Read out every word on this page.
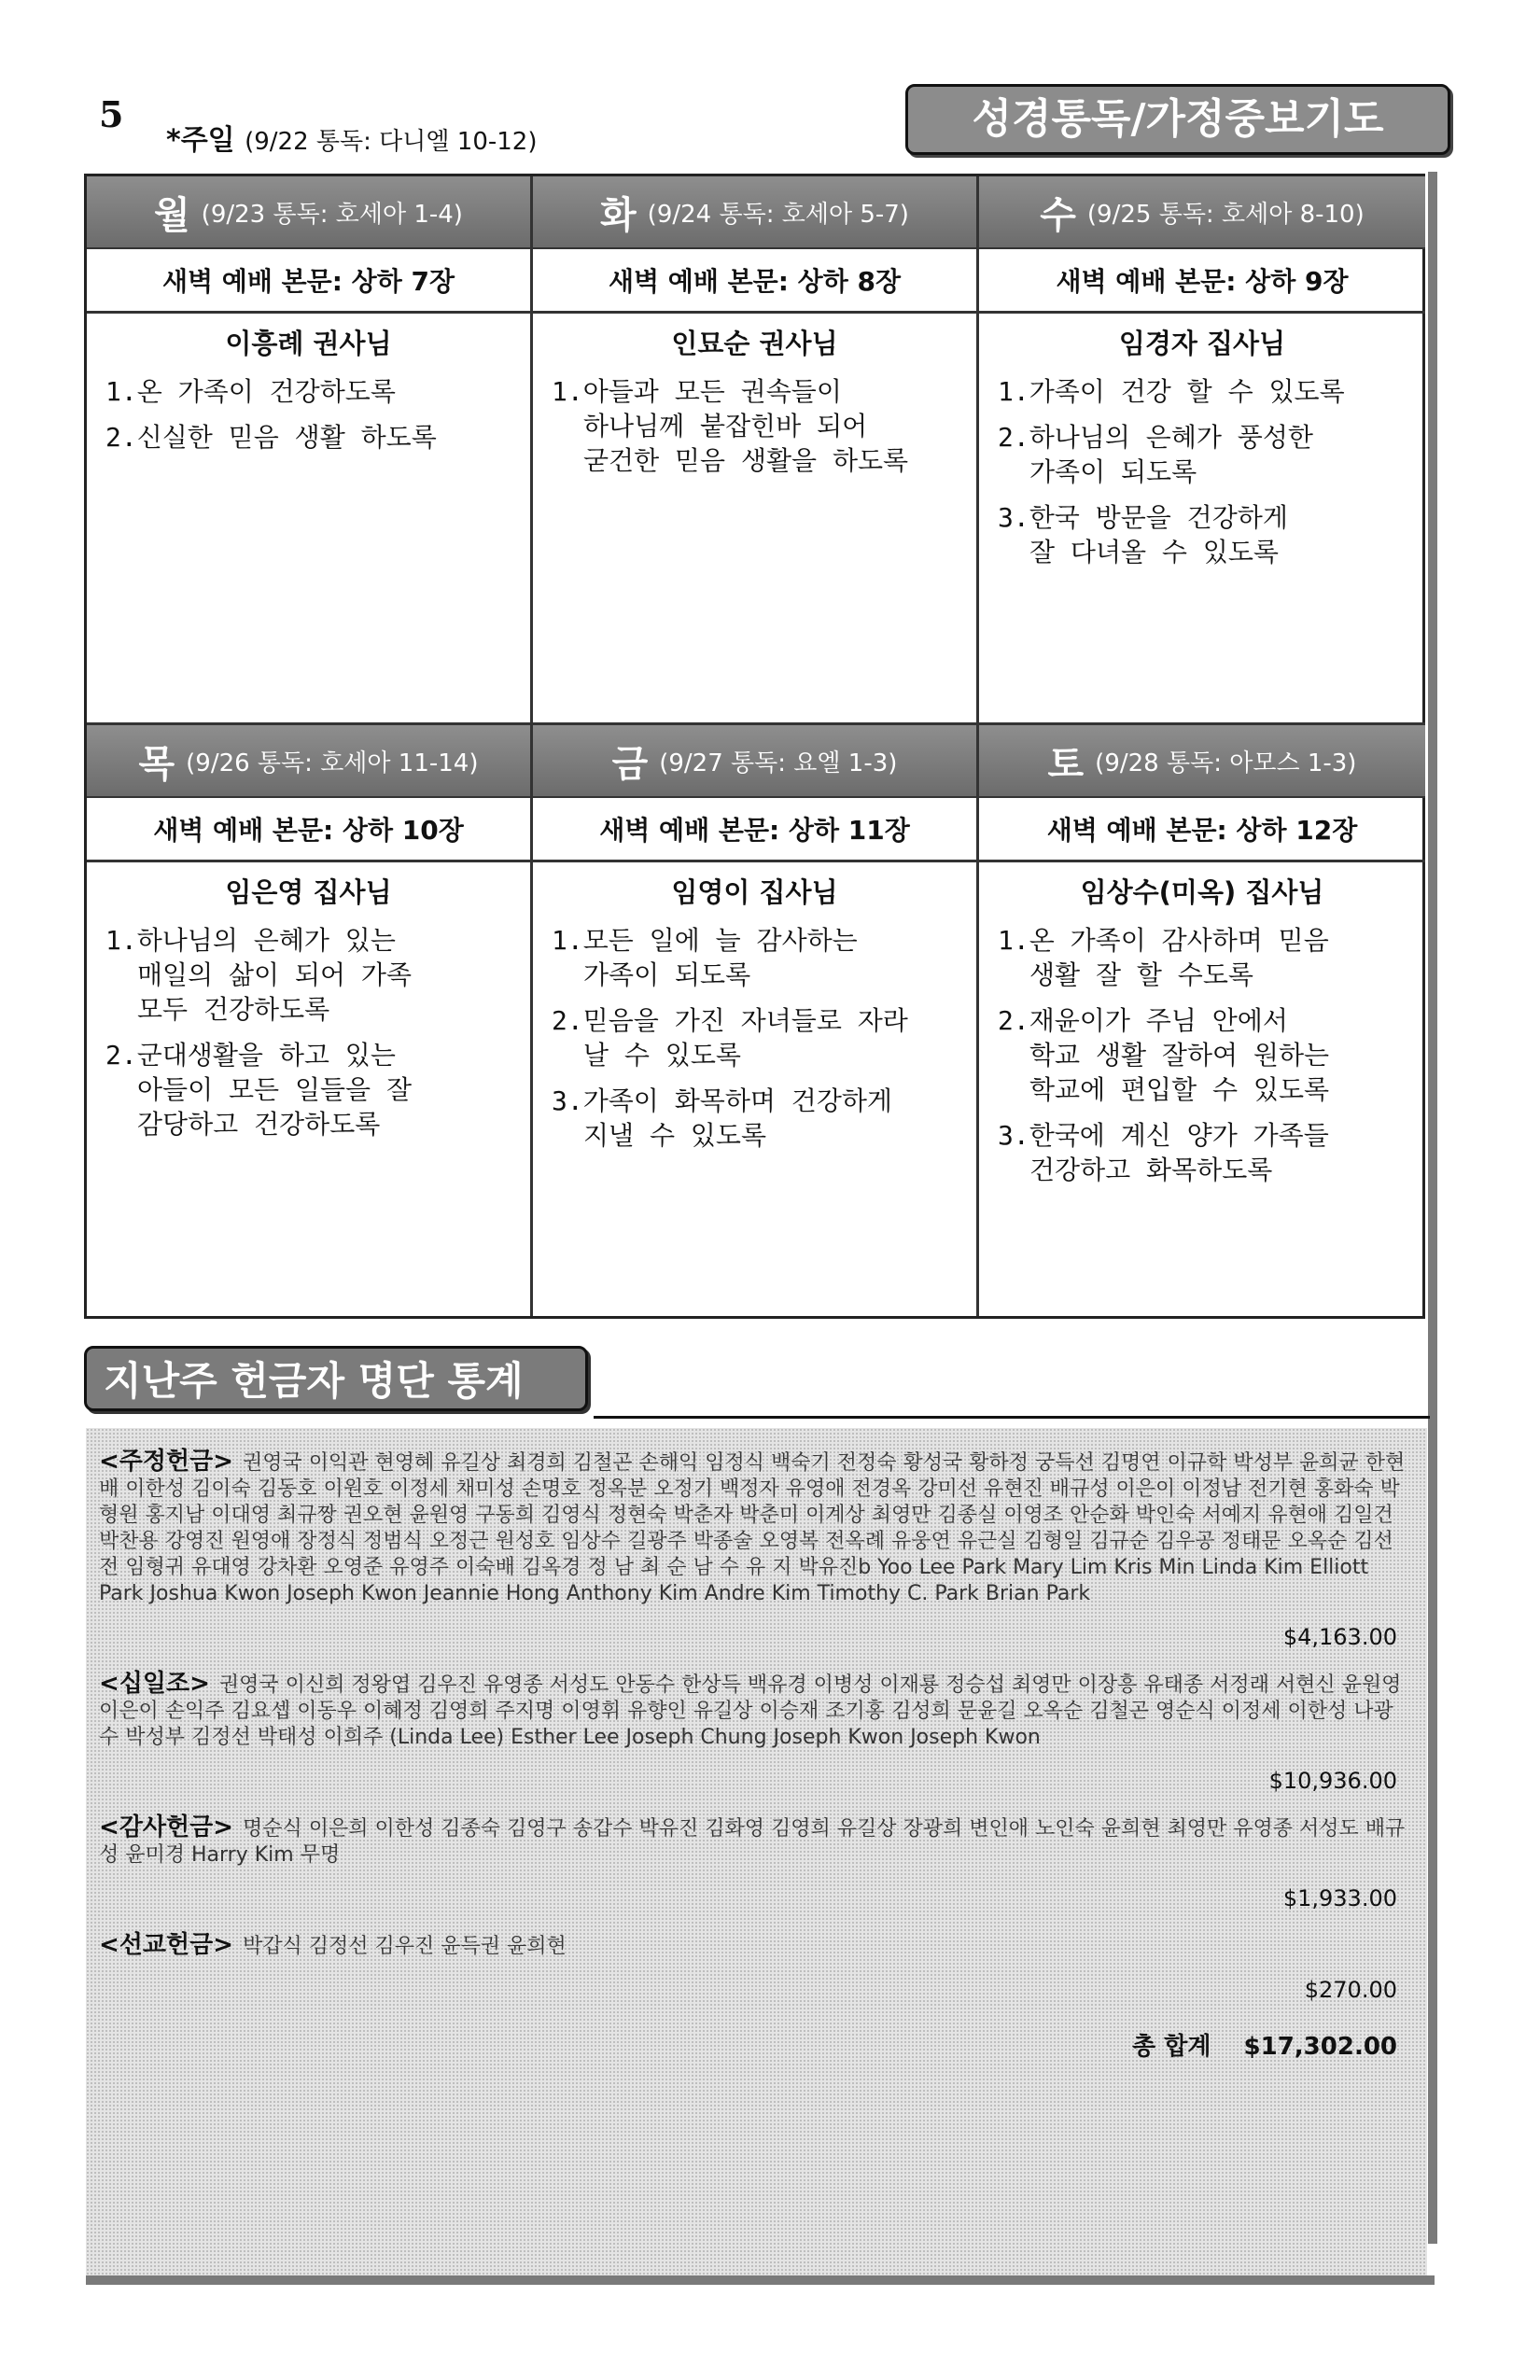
5
*주일 (9/22 통독: 다니엘 10-12)	성경통독/가정중보기도
월 (9/23 통독: 호세아 1-4)
새벽 예배 본문: 상하 7장
이흥례 권사님
1.온 가족이 건강하도록
2.신실한 믿음 생활 하도록
화 (9/24 통독: 호세아 5-7)
새벽 예배 본문: 상하 8장
인묘순 권사님
1.아들과 모든 권속들이
하나님께 붙잡힌바 되어
굳건한 믿음 생활을 하도록
수 (9/25 통독: 호세아 8-10)
새벽 예배 본문: 상하 9장
임경자 집사님
1.가족이 건강 할 수 있도록
2.하나님의 은혜가 풍성한
가족이 되도록
3.한국 방문을 건강하게
잘 다녀올 수 있도록
목 (9/26 통독: 호세아 11-14)
새벽 예배 본문: 상하 10장
임은영 집사님
1.하나님의 은혜가 있는
매일의 삶이 되어 가족
모두 건강하도록
2.군대생활을 하고 있는
아들이 모든 일들을 잘
감당하고 건강하도록
금 (9/27 통독: 요엘 1-3)
새벽 예배 본문: 상하 11장
임영이 집사님
1.모든 일에 늘 감사하는
가족이 되도록
2.믿음을 가진 자녀들로 자라
날 수 있도록
3.가족이 화목하며 건강하게
지낼 수 있도록
토 (9/28 통독: 아모스 1-3)
새벽 예배 본문: 상하 12장
임상수(미옥) 집사님
1.온 가족이 감사하며 믿음
생활 잘 할 수도록
2.재윤이가 주님 안에서
학교 생활 잘하여 원하는
학교에 편입할 수 있도록
3.한국에 계신 양가 가족들
건강하고 화목하도록
지난주 헌금자 명단 통계

<주정헌금> 권영국 이익관 현영혜 유길상 최경희 김철곤 손해익 임정식 백숙기 전정숙 황성국 황하정 궁득선 김명연 이규학 박성부 윤희균 한현배 이한성 김이숙 김동호 이원호 이정세 채미성 손명호 정옥분 오정기 백정자 유영애 전경옥 강미선 유현진 배규성 이은이 이정남 전기현 홍화숙 박형원 홍지남 이대영 최규짱 권오현 윤원영 구동희 김영식 정현숙 박춘자 박춘미 이계상 최영만 김종실 이영조 안순화 박인숙 서예지 유현애 김일건 박찬용 강영진 원영애 장정식 정범식 오정근 원성호 임상수 길광주 박종술 오영복 전옥례 유웅연 유근실 김형일 김규순 김우공 정태문 오옥순 김선전 임형귀 유대영 강차환 오영준 유영주 이숙배 김옥경 정 남 최 순 남 수 유 지 박유진b Yoo Lee Park Mary Lim Kris Min Linda Kim Elliott Park Joshua Kwon Joseph Kwon Jeannie Hong Anthony Kim Andre Kim Timothy C. Park Brian Park

$4,163.00

<십일조> 권영국 이신희 정왕엽 김우진 유영종 서성도 안동수 한상득 백유경 이병성 이재룡 정승섭 최영만 이장흥 유태종 서정래 서현신 윤원영 이은이 손익주 김요셉 이동우 이혜정 김영희 주지명 이영휘 유향인 유길상 이승재 조기홍 김성희 문윤길 오옥순 김철곤 영순식 이정세 이한성 나광수 박성부 김정선 박태성 이희주 (Linda Lee) Esther Lee Joseph Chung Joseph Kwon Joseph Kwon

$10,936.00

<감사헌금> 명순식 이은희 이한성 김종숙 김영구 송갑수 박유진 김화영 김영희 유길상 장광희 변인애 노인숙 윤희현 최영만 유영종 서성도 배규성 윤미경 Harry Kim 무명

$1,933.00

<선교헌금> 박갑식 김정선 김우진 윤득권 윤희현

$270.00
총 합계 $17,302.00
